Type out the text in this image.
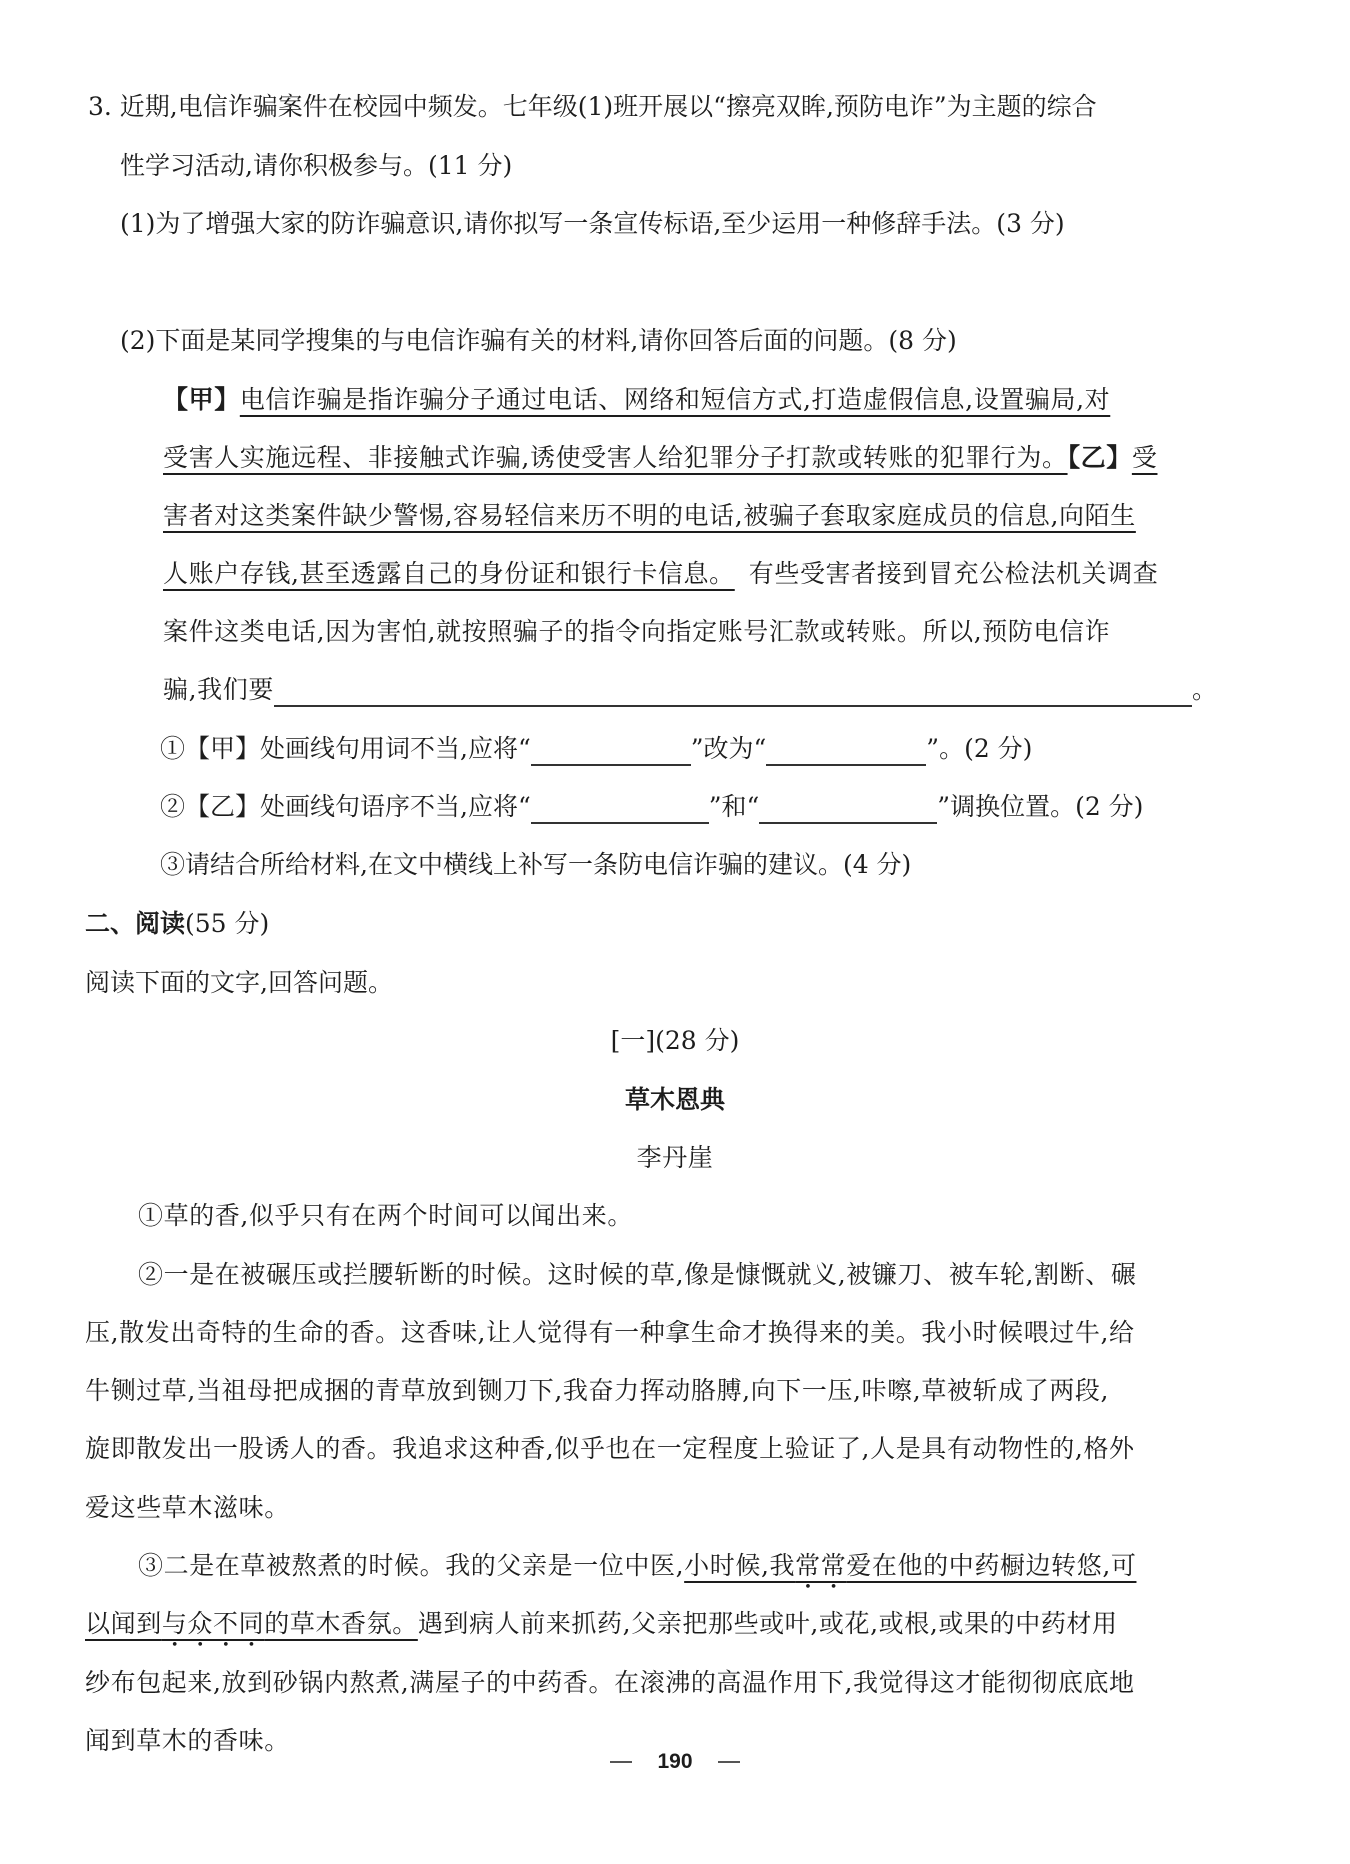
3. 近期,电信诈骗案件在校园中频发。七年级(1)班开展以“擦亮双眸,预防电诈”为主题的综合
性学习活动,请你积极参与。(11 分)
(1)为了增强大家的防诈骗意识,请你拟写一条宣传标语,至少运用一种修辞手法。(3 分)
(2)下面是某同学搜集的与电信诈骗有关的材料,请你回答后面的问题。(8 分)
【甲】电信诈骗是指诈骗分子通过电话、网络和短信方式,打造虚假信息,设置骗局,对
受害人实施远程、非接触式诈骗,诱使受害人给犯罪分子打款或转账的犯罪行为。【乙】受
害者对这类案件缺少警惕,容易轻信来历不明的电话,被骗子套取家庭成员的信息,向陌生
人账户存钱,甚至透露自己的身份证和银行卡信息。 有些受害者接到冒充公检法机关调查
案件这类电话,因为害怕,就按照骗子的指令向指定账号汇款或转账。所以,预防电信诈
骗,我们要	。
①【甲】处画线句用词不当,应将“	”改为“	”。(2 分)
②【乙】处画线句语序不当,应将“	”和“	”调换位置。(2 分)
③请结合所给材料,在文中横线上补写一条防电信诈骗的建议。(4 分)
二、阅读(55 分)
阅读下面的文字,回答问题。
[一](28 分)
草木恩典
李丹崖
①草的香,似乎只有在两个时间可以闻出来。
②一是在被碾压或拦腰斩断的时候。这时候的草,像是慷慨就义,被镰刀、被车轮,割断、碾
压,散发出奇特的生命的香。这香味,让人觉得有一种拿生命才换得来的美。我小时候喂过牛,给
牛铡过草,当祖母把成捆的青草放到铡刀下,我奋力挥动胳膊,向下一压,咔嚓,草被斩成了两段,
旋即散发出一股诱人的香。我追求这种香,似乎也在一定程度上验证了,人是具有动物性的,格外
爱这些草木滋味。
③二是在草被熬煮的时候。我的父亲是一位中医,小时候,我常常爱在他的中药橱边转悠,可
以闻到与众不同的草木香氛。遇到病人前来抓药,父亲把那些或叶,或花,或根,或果的中药材用
纱布包起来,放到砂锅内熬煮,满屋子的中药香。在滚沸的高温作用下,我觉得这才能彻彻底底地
闻到草木的香味。
190
